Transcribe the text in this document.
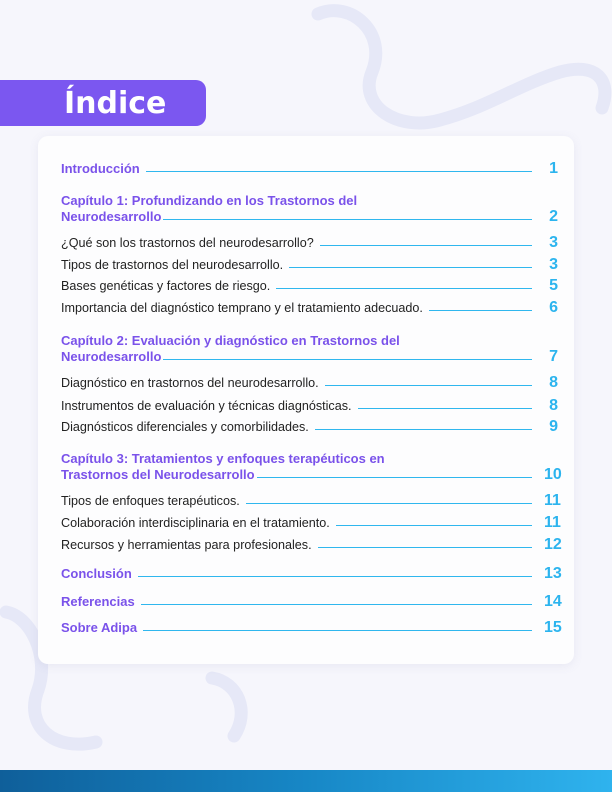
Índice
Introducción	1
Capítulo 1: Profundizando en los Trastornos del
Neurodesarrollo	2
¿Qué son los trastornos del neurodesarrollo?	3
Tipos de trastornos del neurodesarrollo.	3
Bases genéticas y factores de riesgo.	5
Importancia del diagnóstico temprano y el tratamiento adecuado.	6
Capítulo 2: Evaluación y diagnóstico en Trastornos del
Neurodesarrollo	7
Diagnóstico en trastornos del neurodesarrollo.	8
Instrumentos de evaluación y técnicas diagnósticas.	8
Diagnósticos diferenciales y comorbilidades.	9
Capítulo 3: Tratamientos y enfoques terapéuticos en
Trastornos del Neurodesarrollo	10
Tipos de enfoques terapéuticos.	11
Colaboración interdisciplinaria en el tratamiento.	11
Recursos y herramientas para profesionales.	12
Conclusión	13
Referencias	14
Sobre Adipa	15
